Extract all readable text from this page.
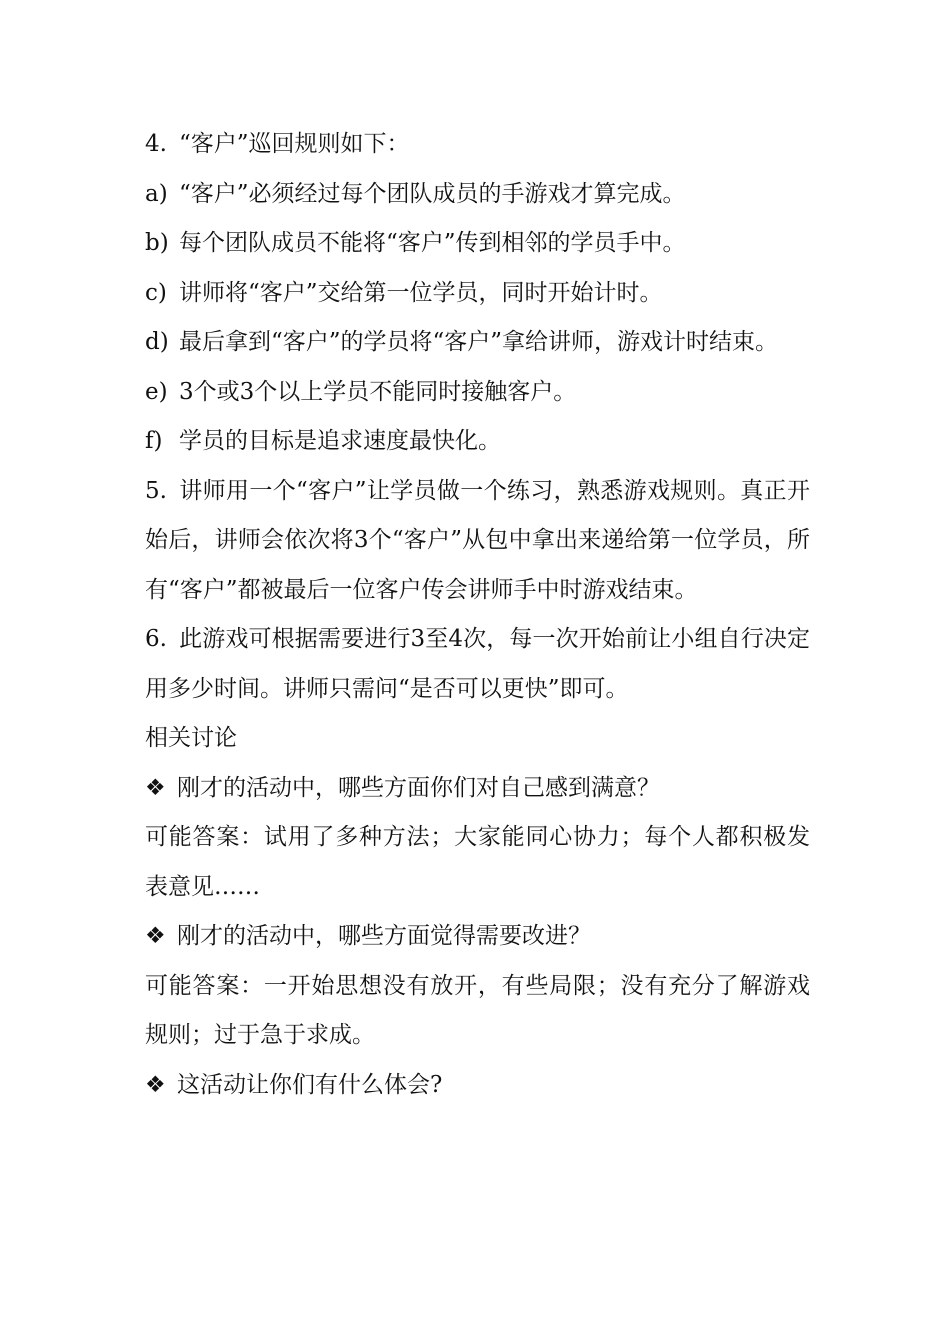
4. “客户”巡回规则如下：

a) “客户”必须经过每个团队成员的手游戏才算完成。

b) 每个团队成员不能将“客户”传到相邻的学员手中。

c) 讲师将“客户”交给第一位学员，同时开始计时。

d) 最后拿到“客户”的学员将“客户”拿给讲师，游戏计时结束。

e) 3个或3个以上学员不能同时接触客户。

f) 学员的目标是追求速度最快化。

5. 讲师用一个“客户”让学员做一个练习，熟悉游戏规则。真正开始后，讲师会依次将3个“客户”从包中拿出来递给第一位学员，所有“客户”都被最后一位客户传会讲师手中时游戏结束。

6. 此游戏可根据需要进行3至4次，每一次开始前让小组自行决定用多少时间。讲师只需问“是否可以更快”即可。

相关讨论

❖ 刚才的活动中，哪些方面你们对自己感到满意？

可能答案：试用了多种方法；大家能同心协力；每个人都积极发表意见……

❖ 刚才的活动中，哪些方面觉得需要改进？

可能答案：一开始思想没有放开，有些局限；没有充分了解游戏规则；过于急于求成。

❖ 这活动让你们有什么体会?
